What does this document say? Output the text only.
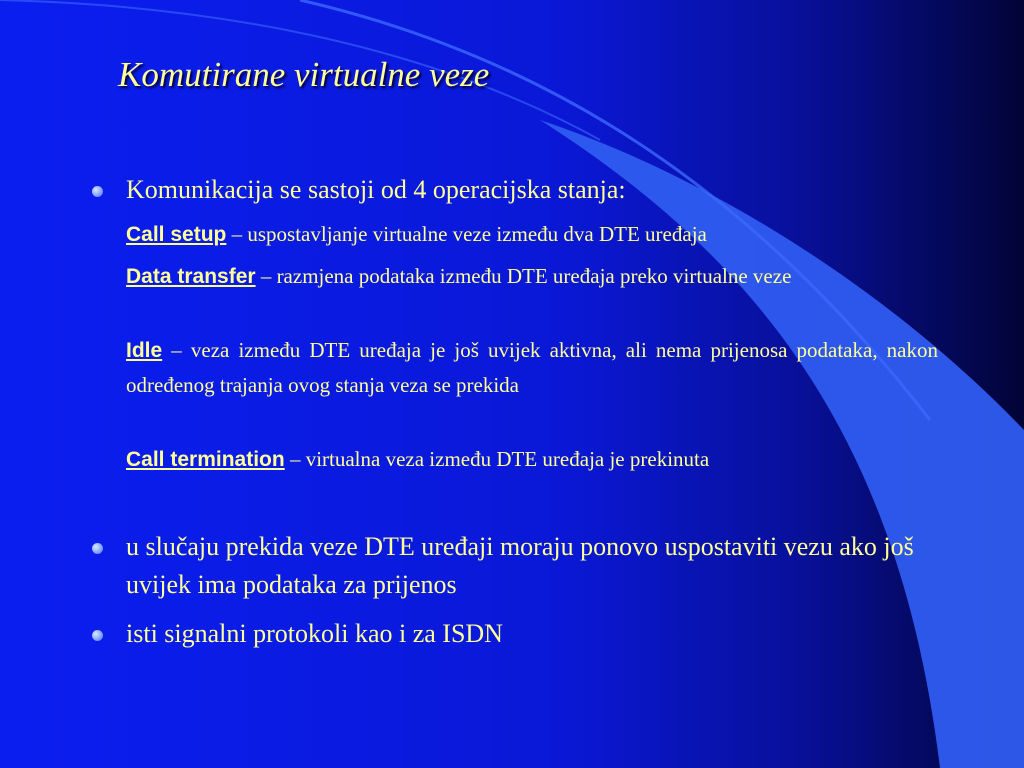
Komutirane virtualne veze
Komunikacija se sastoji od 4 operacijska stanja:
Call setup – uspostavljanje virtualne veze između dva DTE uređaja
Data transfer – razmjena podataka između DTE uređaja preko virtualne veze
Idle – veza između DTE uređaja je još uvijek aktivna, ali nema prijenosa podataka, nakon određenog trajanja ovog stanja veza se prekida
Call termination – virtualna veza između DTE uređaja je prekinuta
u slučaju prekida veze DTE uređaji moraju ponovo uspostaviti vezu ako još uvijek ima podataka za prijenos
isti signalni protokoli kao i za ISDN
